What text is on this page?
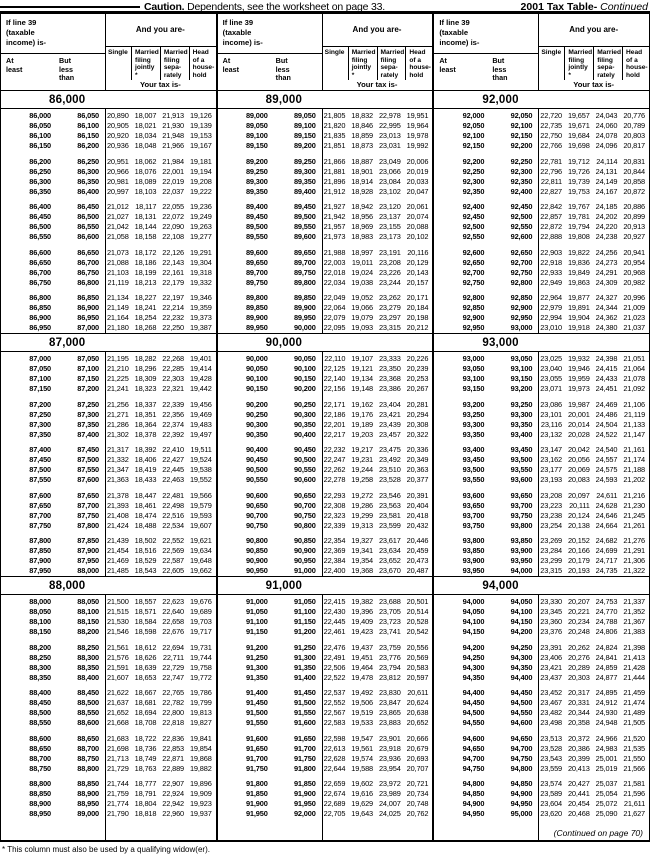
Caution. Dependents, see the worksheet on page 33.	2001 Tax Table- Continued
If line 39
(taxable
income) is-
At
least
But
less
than
And you are-
Single	Married
filing
jointly
*
Married
filing
sepa-
rately
Head
of a
house-
hold
Your tax is-
86,000
86,000	86,050	20,890 18,007 21,913 19,126
86,050	86,100	20,905 18,021 21,930 19,139
86,100	86,150	20,920 18,034 21,948 19,153
86,150	86,200	20,936 18,048 21,966 19,167
86,200	86,250	20,951 18,062 21,984 19,181
86,250	86,300	20,966 18,076 22,001 19,194
86,300	86,350	20,981 18,089 22,019 19,208
86,350	86,400	20,997 18,103 22,037 19,222
86,400	86,450	21,012 18,117 22,055 19,236
86,450	86,500	21,027 18,131 22,072 19,249
86,500	86,550	21,042 18,144 22,090 19,263
86,550	86,600	21,058 18,158 22,108 19,277
86,600	86,650	21,073 18,172 22,126 19,291
86,650	86,700	21,088 18,186 22,143 19,304
86,700	86,750	21,103 18,199 22,161 19,318
86,750	86,800	21,119 18,213 22,179 19,332
86,800	86,850	21,134 18,227 22,197 19,346
86,850	86,900	21,149 18,241 22,214 19,359
86,900	86,950	21,164 18,254 22,232 19,373
86,950	87,000	21,180 18,268 22,250 19,387
87,000
87,000	87,050	21,195 18,282 22,268 19,401
87,050	87,100	21,210 18,296 22,285 19,414
87,100	87,150	21,225 18,309 22,303 19,428
87,150	87,200	21,241 18,323 22,321 19,442
87,200	87,250	21,256 18,337 22,339 19,456
87,250	87,300	21,271 18,351 22,356 19,469
87,300	87,350	21,286 18,364 22,374 19,483
87,350	87,400	21,302 18,378 22,392 19,497
87,400	87,450	21,317 18,392 22,410 19,511
87,450	87,500	21,332 18,406 22,427 19,524
87,500	87,550	21,347 18,419 22,445 19,538
87,550	87,600	21,363 18,433 22,463 19,552
87,600	87,650	21,378 18,447 22,481 19,566
87,650	87,700	21,393 18,461 22,498 19,579
87,700	87,750	21,408 18,474 22,516 19,593
87,750	87,800	21,424 18,488 22,534 19,607
87,800	87,850	21,439 18,502 22,552 19,621
87,850	87,900	21,454 18,516 22,569 19,634
87,900	87,950	21,469 18,529 22,587 19,648
87,950	88,000	21,485 18,543 22,605 19,662
88,000
88,000	88,050	21,500 18,557 22,623 19,676
88,050	88,100	21,515 18,571 22,640 19,689
88,100	88,150	21,530 18,584 22,658 19,703
88,150	88,200	21,546 18,598 22,676 19,717
88,200	88,250	21,561 18,612 22,694 19,731
88,250	88,300	21,576 18,626 22,711 19,744
88,300	88,350	21,591 18,639 22,729 19,758
88,350	88,400	21,607 18,653 22,747 19,772
88,400	88,450	21,622 18,667 22,765 19,786
88,450	88,500	21,637 18,681 22,782 19,799
88,500	88,550	21,652 18,694 22,800 19,813
88,550	88,600	21,668 18,708 22,818 19,827
88,600	88,650	21,683 18,722 22,836 19,841
88,650	88,700	21,698 18,736 22,853 19,854
88,700	88,750	21,713 18,749 22,871 19,868
88,750	88,800	21,729 18,763 22,889 19,882
88,800	88,850	21,744 18,777 22,907 19,896
88,850	88,900	21,759 18,791 22,924 19,909
88,900	88,950	21,774 18,804 22,942 19,923
88,950	89,000	21,790 18,818 22,960 19,937
If line 39
(taxable
income) is-
At
least
But
less
than
And you are-
Single	Married
filing
jointly
*
Married
filing
sepa-
rately
Head
of a
house-
hold
Your tax is-
89,000
89,000	89,050	21,805 18,832 22,978 19,951
89,050	89,100	21,820 18,846 22,995 19,964
89,100	89,150	21,835 18,859 23,013 19,978
89,150	89,200	21,851 18,873 23,031 19,992
89,200	89,250	21,866 18,887 23,049 20,006
89,250	89,300	21,881 18,901 23,066 20,019
89,300	89,350	21,896 18,914 23,084 20,033
89,350	89,400	21,912 18,928 23,102 20,047
89,400	89,450	21,927 18,942 23,120 20,061
89,450	89,500	21,942 18,956 23,137 20,074
89,500	89,550	21,957 18,969 23,155 20,088
89,550	89,600	21,973 18,983 23,173 20,102
89,600	89,650	21,988 18,997 23,191 20,116
89,650	89,700	22,003 19,011 23,208 20,129
89,700	89,750	22,018 19,024 23,226 20,143
89,750	89,800	22,034 19,038 23,244 20,157
89,800	89,850	22,049 19,052 23,262 20,171
89,850	89,900	22,064 19,066 23,279 20,184
89,900	89,950	22,079 19,079 23,297 20,198
89,950	90,000	22,095 19,093 23,315 20,212
90,000
90,000	90,050	22,110 19,107 23,333 20,226
90,050	90,100	22,125 19,121 23,350 20,239
90,100	90,150	22,140 19,134 23,368 20,253
90,150	90,200	22,156 19,148 23,386 20,267
90,200	90,250	22,171 19,162 23,404 20,281
90,250	90,300	22,186 19,176 23,421 20,294
90,300	90,350	22,201 19,189 23,439 20,308
90,350	90,400	22,217 19,203 23,457 20,322
90,400	90,450	22,232 19,217 23,475 20,336
90,450	90,500	22,247 19,231 23,492 20,349
90,500	90,550	22,262 19,244 23,510 20,363
90,550	90,600	22,278 19,258 23,528 20,377
90,600	90,650	22,293 19,272 23,546 20,391
90,650	90,700	22,308 19,286 23,563 20,404
90,700	90,750	22,323 19,299 23,581 20,418
90,750	90,800	22,339 19,313 23,599 20,432
90,800	90,850	22,354 19,327 23,617 20,446
90,850	90,900	22,369 19,341 23,634 20,459
90,900	90,950	22,384 19,354 23,652 20,473
90,950	91,000	22,400 19,368 23,670 20,487
91,000
91,000	91,050	22,415 19,382 23,688 20,501
91,050	91,100	22,430 19,396 23,705 20,514
91,100	91,150	22,445 19,409 23,723 20,528
91,150	91,200	22,461 19,423 23,741 20,542
91,200	91,250	22,476 19,437 23,759 20,556
91,250	91,300	22,491 19,451 23,776 20,569
91,300	91,350	22,506 19,464 23,794 20,583
91,350	91,400	22,522 19,478 23,812 20,597
91,400	91,450	22,537 19,492 23,830 20,611
91,450	91,500	22,552 19,506 23,847 20,624
91,500	91,550	22,567 19,519 23,865 20,638
91,550	91,600	22,583 19,533 23,883 20,652
91,600	91,650	22,598 19,547 23,901 20,666
91,650	91,700	22,613 19,561 23,918 20,679
91,700	91,750	22,628 19,574 23,936 20,693
91,750	91,800	22,644 19,588 23,954 20,707
91,800	91,850	22,659 19,602 23,972 20,721
91,850	91,900	22,674 19,616 23,989 20,734
91,900	91,950	22,689 19,629 24,007 20,748
91,950	92,000	22,705 19,643 24,025 20,762
If line 39
(taxable
income) is-
At
least
But
less
than
And you are-
Single	Married
filing
jointly
*
Married
filing
sepa-
rately
Head
of a
house-
hold
Your tax is-
92,000
92,000	92,050	22,720 19,657 24,043 20,776
92,050	92,100	22,735 19,671 24,060 20,789
92,100	92,150	22,750 19,684 24,078 20,803
92,150	92,200	22,766 19,698 24,096 20,817
92,200	92,250	22,781 19,712 24,114 20,831
92,250	92,300	22,796 19,726 24,131 20,844
92,300	92,350	22,811 19,739 24,149 20,858
92,350	92,400	22,827 19,753 24,167 20,872
92,400	92,450	22,842 19,767 24,185 20,886
92,450	92,500	22,857 19,781 24,202 20,899
92,500	92,550	22,872 19,794 24,220 20,913
92,550	92,600	22,888 19,808 24,238 20,927
92,600	92,650	22,903 19,822 24,256 20,941
92,650	92,700	22,918 19,836 24,273 20,954
92,700	92,750	22,933 19,849 24,291 20,968
92,750	92,800	22,949 19,863 24,309 20,982
92,800	92,850	22,964 19,877 24,327 20,996
92,850	92,900	22,979 19,891 24,344 21,009
92,900	92,950	22,994 19,904 24,362 21,023
92,950	93,000	23,010 19,918 24,380 21,037
93,000
93,000	93,050	23,025 19,932 24,398 21,051
93,050	93,100	23,040 19,946 24,415 21,064
93,100	93,150	23,055 19,959 24,433 21,078
93,150	93,200	23,071 19,973 24,451 21,092
93,200	93,250	23,086 19,987 24,469 21,106
93,250	93,300	23,101 20,001 24,486 21,119
93,300	93,350	23,116 20,014 24,504 21,133
93,350	93,400	23,132 20,028 24,522 21,147
93,400	93,450	23,147 20,042 24,540 21,161
93,450	93,500	23,162 20,056 24,557 21,174
93,500	93,550	23,177 20,069 24,575 21,188
93,550	93,600	23,193 20,083 24,593 21,202
93,600	93,650	23,208 20,097 24,611 21,216
93,650	93,700	23,223 20,111 24,628 21,230
93,700	93,750	23,238 20,124 24,646 21,245
93,750	93,800	23,254 20,138 24,664 21,261
93,800	93,850	23,269 20,152 24,682 21,276
93,850	93,900	23,284 20,166 24,699 21,291
93,900	93,950	23,299 20,179 24,717 21,306
93,950	94,000	23,315 20,193 24,735 21,322
94,000
94,000	94,050	23,330 20,207 24,753 21,337
94,050	94,100	23,345 20,221 24,770 21,352
94,100	94,150	23,360 20,234 24,788 21,367
94,150	94,200	23,376 20,248 24,806 21,383
94,200	94,250	23,391 20,262 24,824 21,398
94,250	94,300	23,406 20,276 24,841 21,413
94,300	94,350	23,421 20,289 24,859 21,428
94,350	94,400	23,437 20,303 24,877 21,444
94,400	94,450	23,452 20,317 24,895 21,459
94,450	94,500	23,467 20,331 24,912 21,474
94,500	94,550	23,482 20,344 24,930 21,489
94,550	94,600	23,498 20,358 24,948 21,505
94,600	94,650	23,513 20,372 24,966 21,520
94,650	94,700	23,528 20,386 24,983 21,535
94,700	94,750	23,543 20,399 25,001 21,550
94,750	94,800	23,559 20,413 25,019 21,566
94,800	94,850	23,574 20,427 25,037 21,581
94,850	94,900	23,589 20,441 25,054 21,596
94,900	94,950	23,604 20,454 25,072 21,611
94,950	95,000	23,620 20,468 25,090 21,627
(Continued on page 70)
* This column must also be used by a qualifying widow(er).
